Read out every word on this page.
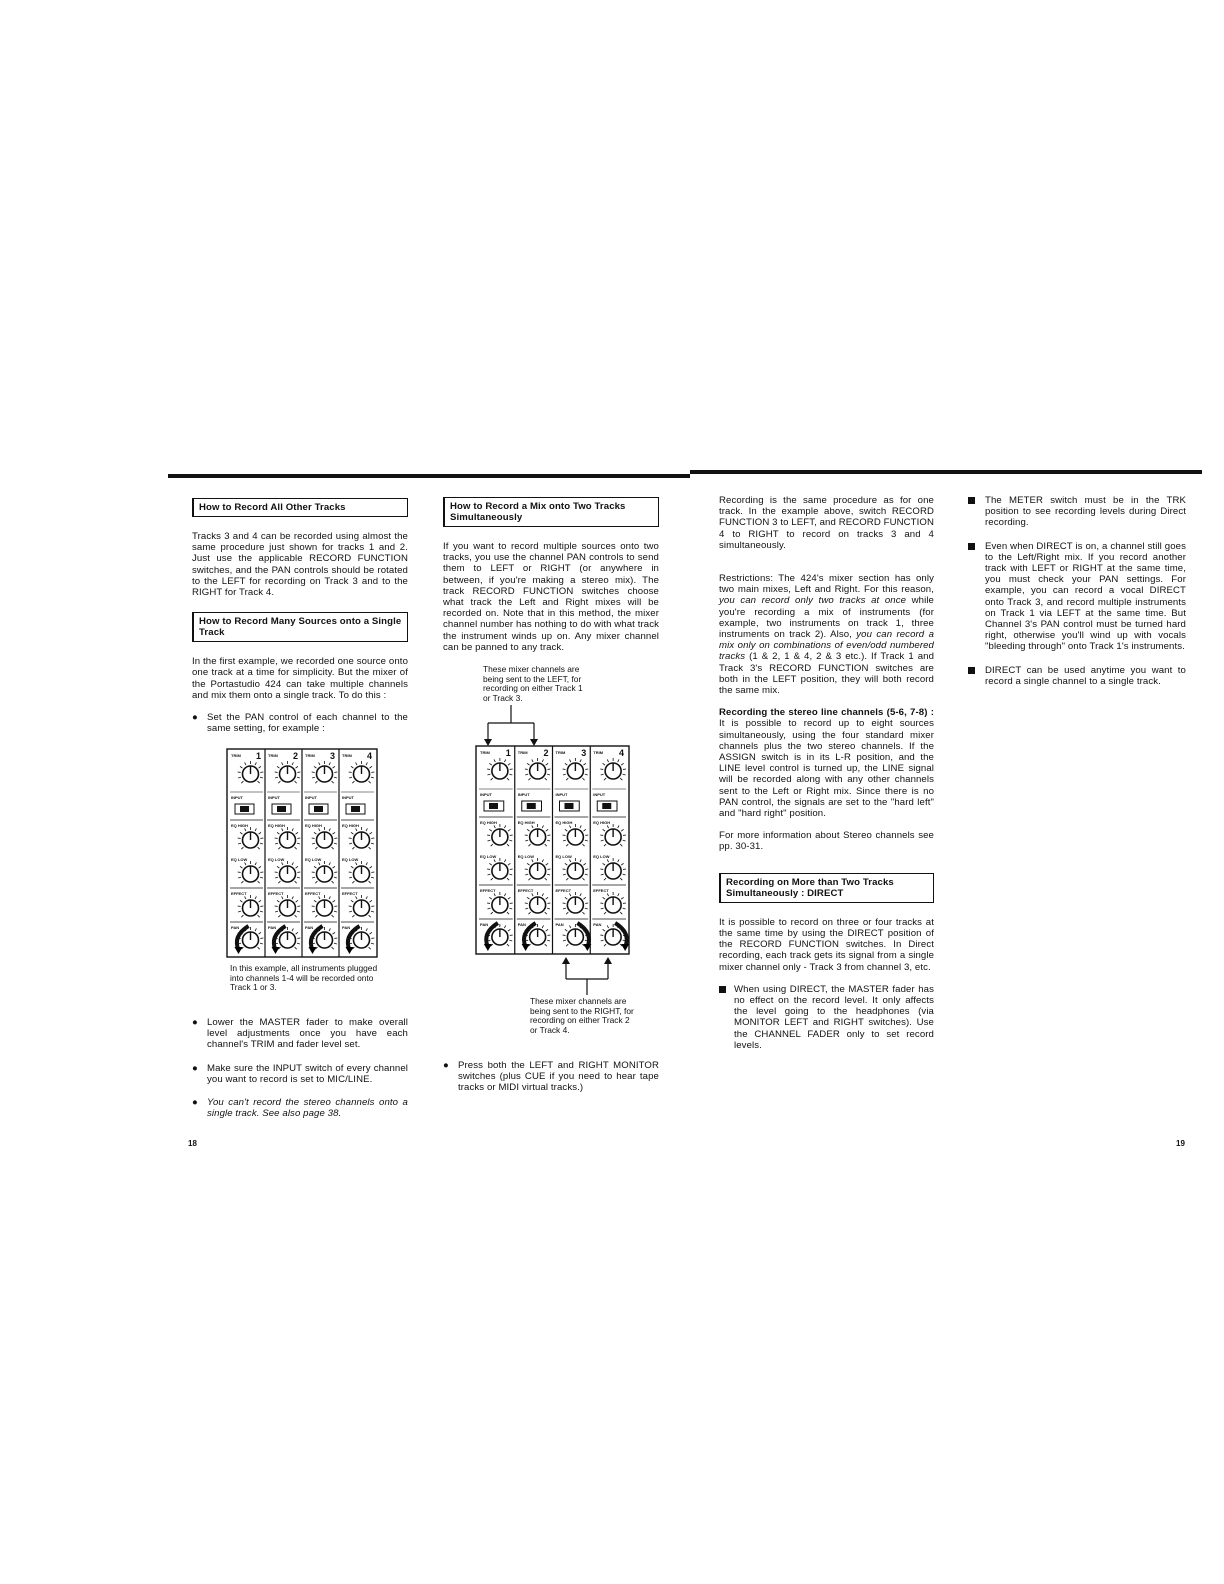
How to Record All Other Tracks

Tracks 3 and 4 can be recorded using almost the same procedure just shown for tracks 1 and 2. Just use the applicable RECORD FUNCTION switches, and the PAN controls should be rotated to the LEFT for recording on Track 3 and to the RIGHT for Track 4.

How to Record Many Sources onto a Single Track

In the first example, we recorded one source onto one track at a time for simplicity. But the mixer of the Portastudio 424 can take multiple channels and mix them onto a single track. To do this :

● Set the PAN control of each channel to the same setting, for example :
TRIM 1
INPUT
EQ HIGH
EQ LOW
EFFECT
PAN
TRIM 2
INPUT
EQ HIGH
EQ LOW
EFFECT
PAN
TRIM 3
INPUT
EQ HIGH
EQ LOW
EFFECT
PAN
TRIM 4
INPUT
EQ HIGH
EQ LOW
EFFECT
PAN
In this example, all instruments plugged into channels 1-4 will be recorded onto Track 1 or 3.
● Lower the MASTER fader to make overall level adjustments once you have each channel's TRIM and fader level set.
● Make sure the INPUT switch of every channel you want to record is set to MIC/LINE.
● You can't record the stereo channels onto a single track. See also page 38.
18
How to Record a Mix onto Two Tracks Simultaneously

If you want to record multiple sources onto two tracks, you use the channel PAN controls to send them to LEFT or RIGHT (or anywhere in between, if you're making a stereo mix). The track RECORD FUNCTION switches choose what track the Left and Right mixes will be recorded on. Note that in this method, the mixer channel number has nothing to do with what track the instrument winds up on. Any mixer channel can be panned to any track.

These mixer channels are being sent to the LEFT, for recording on either Track 1 or Track 3.
TRIM 1
INPUT
EQ HIGH
EQ LOW
EFFECT
PAN
TRIM 2
INPUT
EQ HIGH
EQ LOW
EFFECT
PAN
TRIM 3
INPUT
EQ HIGH
EQ LOW
EFFECT
PAN
TRIM 4
INPUT
EQ HIGH
EQ LOW
EFFECT
PAN
These mixer channels are being sent to the RIGHT, for recording on either Track 2 or Track 4.
● Press both the LEFT and RIGHT MONITOR switches (plus CUE if you need to hear tape tracks or MIDI virtual tracks.)

Recording is the same procedure as for one track. In the example above, switch RECORD FUNCTION 3 to LEFT, and RECORD FUNCTION 4 to RIGHT to record on tracks 3 and 4 simultaneously.

Restrictions: The 424's mixer section has only two main mixes, Left and Right. For this reason, you can record only two tracks at once while you're recording a mix of instruments (for example, two instruments on track 1, three instruments on track 2). Also, you can record a mix only on combinations of even/odd numbered tracks (1 & 2, 1 & 4, 2 & 3 etc.). If Track 1 and Track 3's RECORD FUNCTION switches are both in the LEFT position, they will both record the same mix.

Recording the stereo line channels (5-6, 7-8) : It is possible to record up to eight sources simultaneously, using the four standard mixer channels plus the two stereo channels. If the ASSIGN switch is in its L-R position, and the LINE level control is turned up, the LINE signal will be recorded along with any other channels sent to the Left or Right mix. Since there is no PAN control, the signals are set to the "hard left" and "hard right" position.

For more information about Stereo channels see pp. 30-31.

Recording on More than Two Tracks Simultaneously : DIRECT

It is possible to record on three or four tracks at the same time by using the DIRECT position of the RECORD FUNCTION switches. In Direct recording, each track gets its signal from a single mixer channel only - Track 3 from channel 3, etc.

When using DIRECT, the MASTER fader has no effect on the record level. It only affects the level going to the headphones (via MONITOR LEFT and RIGHT switches). Use the CHANNEL FADER only to set record levels.
The METER switch must be in the TRK position to see recording levels during Direct recording.
Even when DIRECT is on, a channel still goes to the Left/Right mix. If you record another track with LEFT or RIGHT at the same time, you must check your PAN settings. For example, you can record a vocal DIRECT onto Track 3, and record multiple instruments on Track 1 via LEFT at the same time. But Channel 3's PAN control must be turned hard right, otherwise you'll wind up with vocals "bleeding through" onto Track 1's instruments.
DIRECT can be used anytime you want to record a single channel to a single track.
19
